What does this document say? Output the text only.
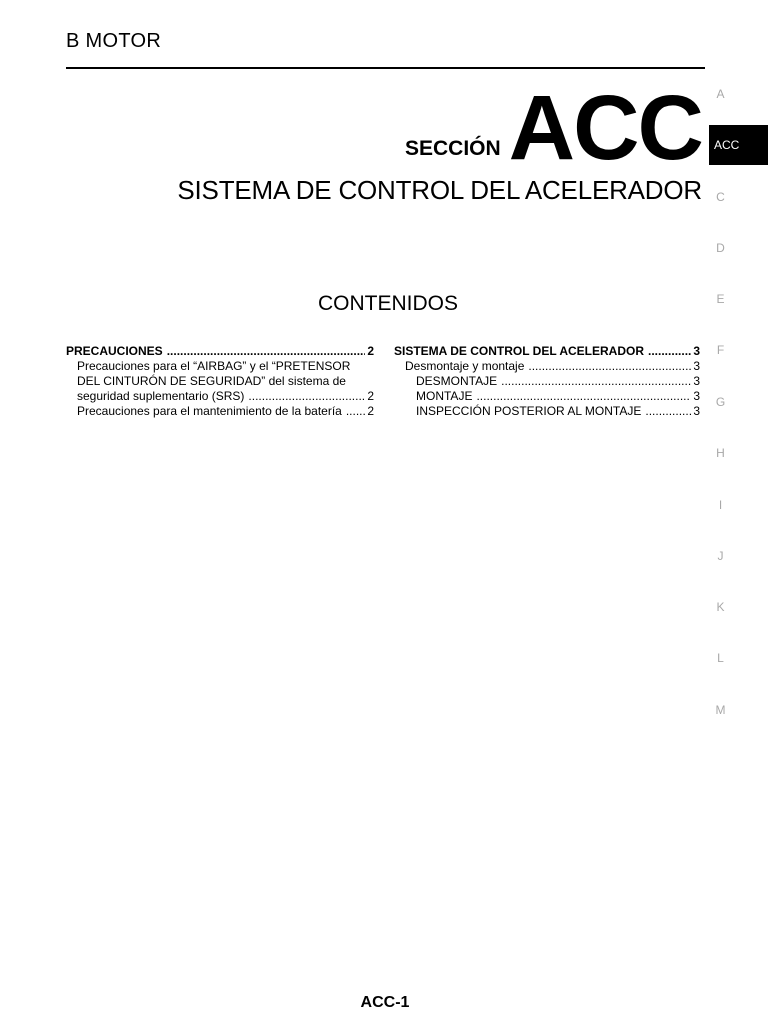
B MOTOR
SECCIÓN ACC
SISTEMA DE CONTROL DEL ACELERADOR
CONTENIDOS
PRECAUCIONES .....	2
Precauciones para el “AIRBAG” y el “PRETENSOR
DEL CINTURÓN DE SEGURIDAD” del sistema de
seguridad suplementario (SRS) .....	2
Precauciones para el mantenimiento de la batería ..... 2
SISTEMA DE CONTROL DEL ACELERADOR .....	3
Desmontaje y montaje .....	3
DESMONTAJE .....	3
MONTAJE .....	3
INSPECCIÓN POSTERIOR AL MONTAJE .....	3
A
ACC
C
D
E
F
G
H
I
J
K
L
M
ACC-1
